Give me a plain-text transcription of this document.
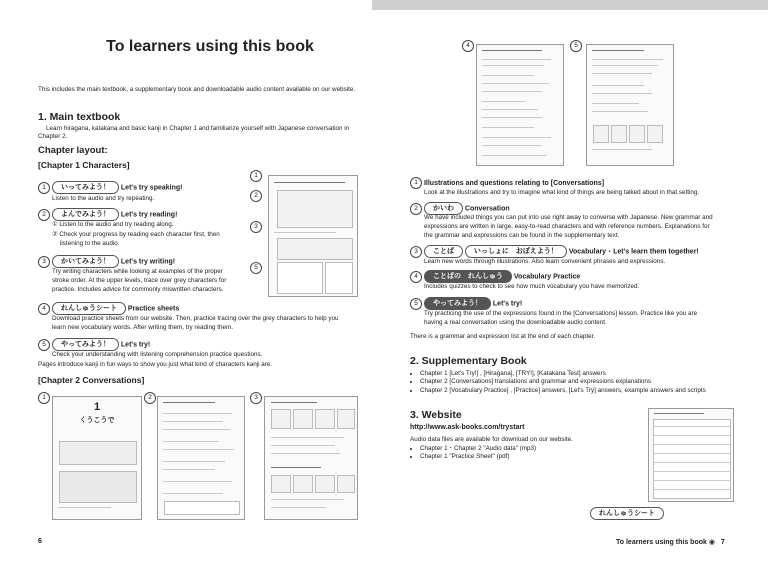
To learners using this book
This includes the main textbook, a supplementary book and downloadable audio content available on our website.
1. Main textbook
Learn hiragana, katakana and basic kanji in Chapter 1 and familiarize yourself with Japanese conversation in Chapter 2.
Chapter layout:
[Chapter 1 Characters]
1 いってみよう！ Let's try speaking!
Listen to the audio and try repeating.
2 よんでみよう！ Let's try reading!
① Listen to the audio and try reading along.
② Check your progress by reading each character first, then
listening to the audio.
3 かいてみよう！ Let's try writing!
Try writing characters while looking at examples of the proper
stroke order. At the upper levels, trace over grey characters for
practice. Includes advice for commonly miswritten characters.
4 れんしゅうシート Practice sheets
Download practice sheets from our website. Then, practice tracing over the grey characters to help you
learn new vocabulary words. After writing them, try reading them.
5 やってみよう！ Let's try!
Check your understanding with listening comprehension practice questions.
Pages introduce kanji in fun ways to show you just what kind of characters kanji are.
[Chapter 2 Conversations]
1
2
3
5
1
1
くうこうで
2	3
6
4	5
1 Illustrations and questions relating to [Conversations]
Look at the illustrations and try to imagine what kind of things are being talked about in that setting.
2 かいわ Conversation
We have included things you can put into use right away to converse with Japanese. New grammar and
expressions are written in large, easy-to-read characters and with reference numbers. Explanations for
the grammar and expressions can be found in the supplementary text.
3 ことば	いっしょに　おぼえよう！ Vocabulary・Let's learn them together!
Learn new words through illustrations. Also learn convenient phrases and expressions.
4 ことばの　れんしゅう Vocabulary Practice
Includes quizzes to check to see how much vocabulary you have memorized.
5 やってみよう！ Let's try!
Try practicing the use of the expressions found in the [Conversations] lesson. Practice like you are
having a real conversation using the downloadable audio content.
There is a grammar and expression list at the end of each chapter.
2. Supplementary Book
• Chapter 1 [Let's Try!] , [Hiragana], [TRY!], [Katakana Test] answers
• Chapter 2 [Conversations] translations and grammar and expressions explanations
• Chapter 2 [Vocabulary Practice] , [Practice] answers, [Let's Try] answers, example answers and scripts
3. Website
http://www.ask-books.com/trystart
Audio data files are available for download on our website.
• Chapter 1・Chapter 2 "Audio data" (mp3)
• Chapter 1 "Practice Sheet" (pdf)
れんしゅうシート
To learners using this book ◉ 7
